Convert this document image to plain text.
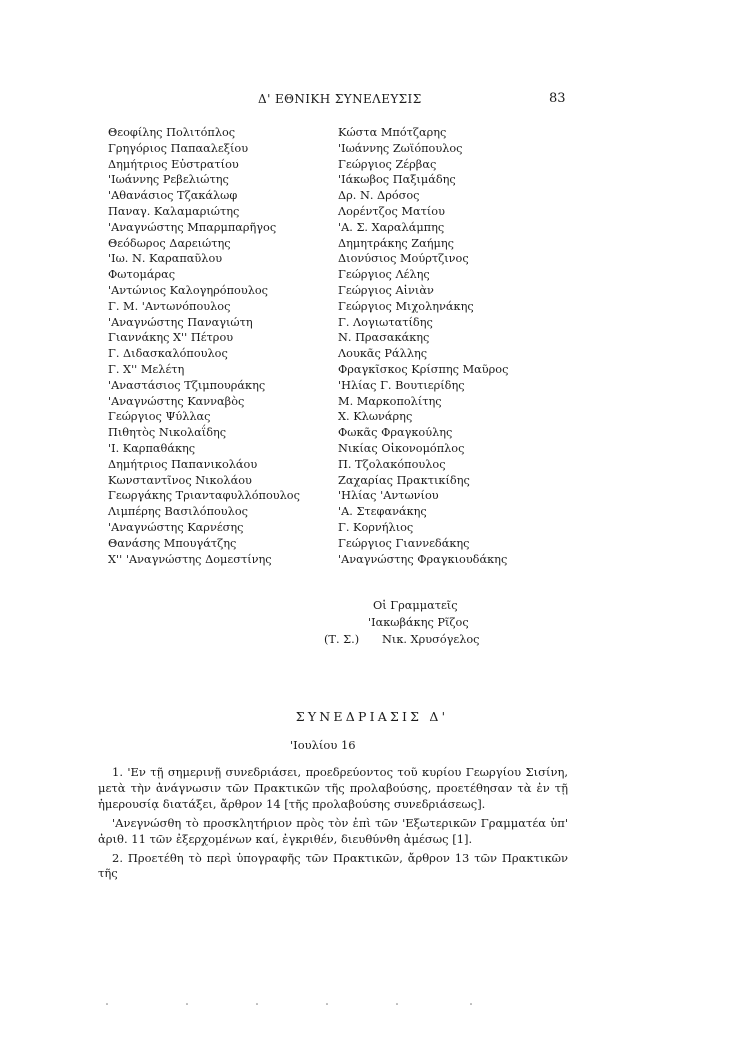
Δ' ΕΘΝΙΚΗ ΣΥΝΕΛΕΥΣΙΣ	83
Θεοφίλης Πολιτόπλος
Γρηγόριος Παπααλεξίου
Δημήτριος Εὐστρατίου
'Ιωάννης Ρεβελιώτης
'Αθανάσιος Τζακάλωφ
Παναγ. Καλαμαριώτης
'Αναγνώστης Μπαρμπαρῆγος
Θεόδωρος Δαρειώτης
'Ιω. Ν. Καραπαῦλου
Φωτομάρας
'Αντώνιος Καλογηρόπουλος
Γ. Μ. 'Αντωνόπουλος
'Αναγνώστης Παναγιώτη
Γιαννάκης Χ'' Πέτρου
Γ. Διδασκαλόπουλος
Γ. Χ'' Μελέτη
'Αναστάσιος Τζιμπουράκης
'Αναγνώστης Κανναβὸς
Γεώργιος Ψύλλας
Πιθητὸς Νικολαΐδης
'Ι. Καρπαθάκης
Δημήτριος Παπανικολάου
Κωνσταντῖνος Νικολάου
Γεωργάκης Τριανταφυλλόπουλος
Λιμπέρης Βασιλόπουλος
'Αναγνώστης Καρνέσης
Θανάσης Μπουγάτζης
Χ'' 'Αναγνώστης Δομεστίνης
Κώστα Μπότζαρης
'Ιωάννης Ζωϊόπουλος
Γεώργιος Ζέρβας
'Ιάκωβος Παξιμάδης
Δρ. Ν. Δρόσος
Λορέντζος Ματίου
'Α. Σ. Χαραλάμπης
Δημητράκης Ζαήμης
Διονύσιος Μούρτζινος
Γεώργιος Λέλης
Γεώργιος Αἰνιὰν
Γεώργιος Μιχοληνάκης
Γ. Λογιωτατίδης
Ν. Πρασακάκης
Λουκᾶς Ράλλης
Φραγκῖσκος Κρίσπης Μαῦρος
'Ηλίας Γ. Βουτιερίδης
Μ. Μαρκοπολίτης
Χ. Κλωνάρης
Φωκᾶς Φραγκούλης
Νικίας Οἰκονομόπλος
Π. Τζολακόπουλος
Ζαχαρίας Πρακτικίδης
'Ηλίας 'Αντωνίου
'Α. Στεφανάκης
Γ. Κορνήλιος
Γεώργιος Γιαννεδάκης
'Αναγνώστης Φραγκιουδάκης
Οἱ Γραμματεῖς
'Ιακωβάκης Ρῖζος
(Τ. Σ.) Νικ. Χρυσόγελος
ΣΥΝΕΔΡΙΑΣΙΣ Δ'
'Ιουλίου 16

1. 'Εν τῇ σημερινῇ συνεδριάσει, προεδρεύοντος τοῦ κυρίου Γεωργίου Σισίνη, μετὰ τὴν ἀνάγνωσιν τῶν Πρακτικῶν τῆς προλαβούσης, προετέθησαν τὰ ἐν τῇ ἡμερουσίᾳ διατάξει, ἄρθρον 14 [τῆς προλαβούσης συνεδριάσεως].

'Ανεγνώσθη τὸ προσκλητήριον πρὸς τὸν ἐπὶ τῶν 'Εξωτερικῶν Γραμματέα ὑπ' ἀριθ. 11 τῶν ἐξερχομένων καί, ἐγκριθέν, διευθύνθη ἀμέσως [1].

2. Προετέθη τὸ περὶ ὑπογραφῆς τῶν Πρακτικῶν, ἄρθρον 13 τῶν Πρακτικῶν τῆς
